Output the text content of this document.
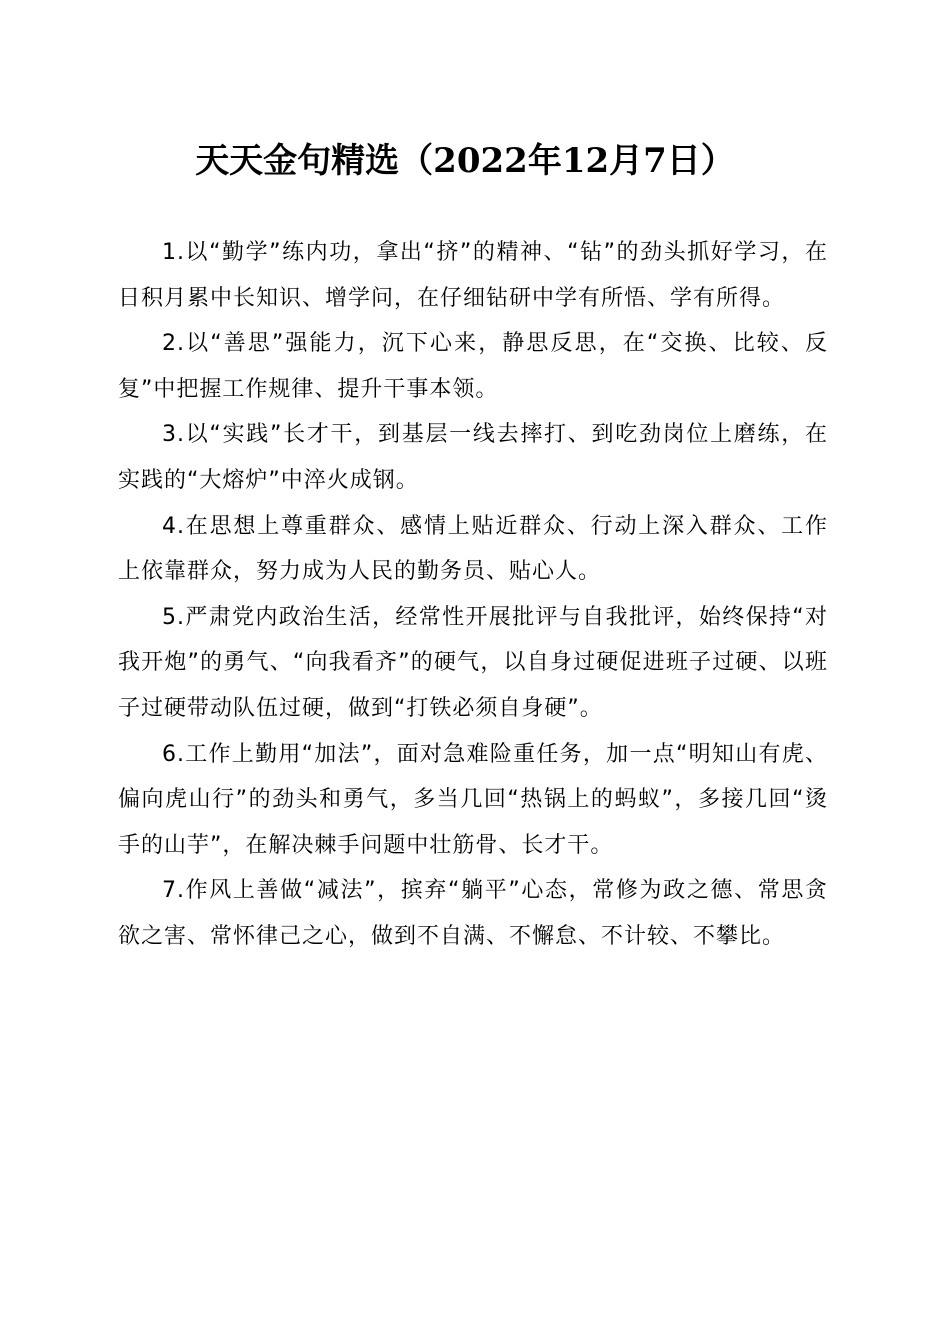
天天金句精选（2022年12月7日）

1.以“勤学”练内功，拿出“挤”的精神、“钻”的劲头抓好学习，在日积月累中长知识、增学问，在仔细钻研中学有所悟、学有所得。

2.以“善思”强能力，沉下心来，静思反思，在“交换、比较、反复”中把握工作规律、提升干事本领。

3.以“实践”长才干，到基层一线去摔打、到吃劲岗位上磨练，在实践的“大熔炉”中淬火成钢。

4.在思想上尊重群众、感情上贴近群众、行动上深入群众、工作上依靠群众，努力成为人民的勤务员、贴心人。

5.严肃党内政治生活，经常性开展批评与自我批评，始终保持“对我开炮”的勇气、“向我看齐”的硬气，以自身过硬促进班子过硬、以班子过硬带动队伍过硬，做到“打铁必须自身硬”。

6.工作上勤用“加法”，面对急难险重任务，加一点“明知山有虎、偏向虎山行”的劲头和勇气，多当几回“热锅上的蚂蚁”，多接几回“烫手的山芋”，在解决棘手问题中壮筋骨、长才干。

7.作风上善做“减法”，摈弃“躺平”心态，常修为政之德、常思贪欲之害、常怀律己之心，做到不自满、不懈怠、不计较、不攀比。
